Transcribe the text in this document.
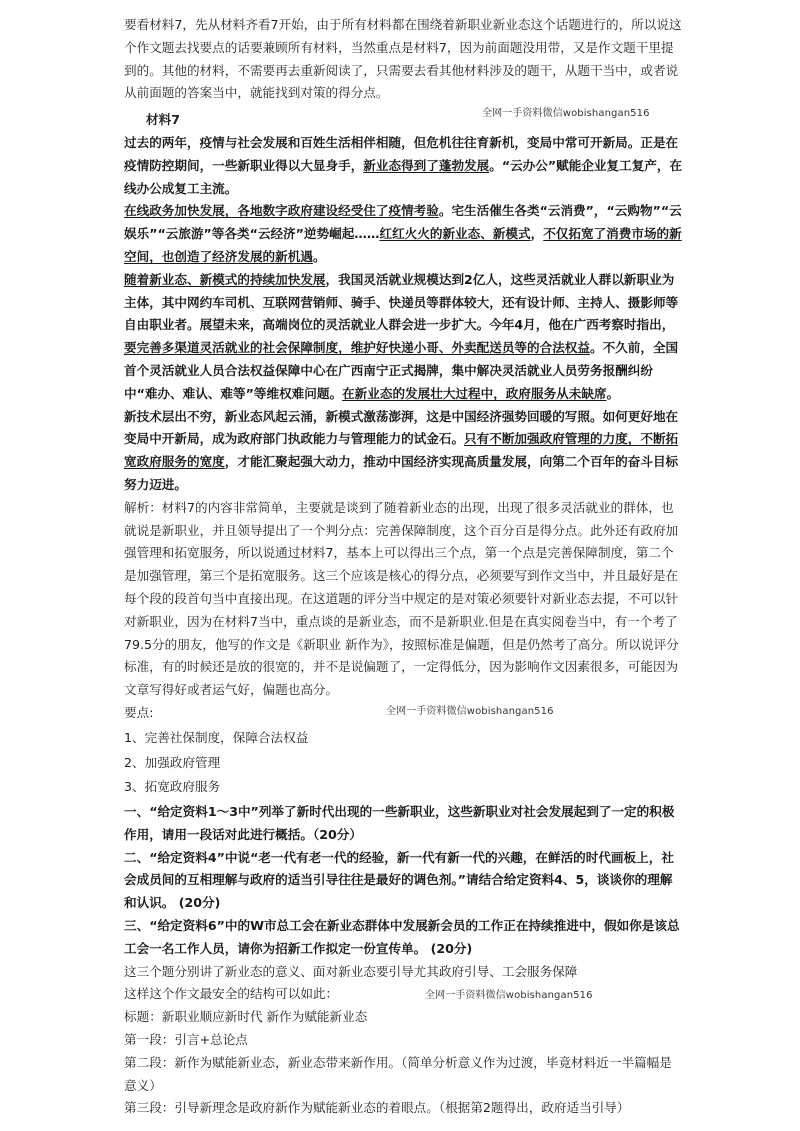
要看材料7，先从材料齐看7开始，由于所有材料都在围绕着新职业新业态这个话题进行的，所以说这个作文题去找要点的话要兼顾所有材料，当然重点是材料7，因为前面题没用带，又是作文题干里提到的。其他的材料，不需要再去重新阅读了，只需要去看其他材料涉及的题干，从题干当中，或者说从前面题的答案当中，就能找到对策的得分点。

材料7

过去的两年，疫情与社会发展和百姓生活相伴相随，但危机往往育新机，变局中常可开新局。正是在疫情防控期间，一些新职业得以大显身手，新业态得到了蓬勃发展。“云办公”赋能企业复工复产，在线办公成复工主流。

在线政务加快发展，各地数字政府建设经受住了疫情考验。宅生活催生各类“云消费”，“云购物”“云娱乐”“云旅游”等各类“云经济”逆势崛起……红红火火的新业态、新模式，不仅拓宽了消费市场的新空间，也创造了经济发展的新机遇。

随着新业态、新模式的持续加快发展，我国灵活就业规模达到2亿人，这些灵活就业人群以新职业为主体，其中网约车司机、互联网营销师、骑手、快递员等群体较大，还有设计师、主持人、摄影师等自由职业者。展望未来，高端岗位的灵活就业人群会进一步扩大。今年4月，他在广西考察时指出，要完善多渠道灵活就业的社会保障制度，维护好快递小哥、外卖配送员等的合法权益。不久前，全国首个灵活就业人员合法权益保障中心在广西南宁正式揭牌，集中解决灵活就业人员劳务报酬纠纷中“难办、难认、难等”等维权难问题。在新业态的发展壮大过程中，政府服务从未缺席。

新技术层出不穷，新业态风起云涌，新模式激荡澎湃，这是中国经济强势回暖的写照。如何更好地在变局中开新局，成为政府部门执政能力与管理能力的试金石。只有不断加强政府管理的力度，不断拓宽政府服务的宽度，才能汇聚起强大动力，推动中国经济实现高质量发展，向第二个百年的奋斗目标努力迈进。

解析：材料7的内容非常简单，主要就是谈到了随着新业态的出现，出现了很多灵活就业的群体，也就说是新职业，并且领导提出了一个判分点：完善保障制度，这个百分百是得分点。此外还有政府加强管理和拓宽服务，所以说通过材料7，基本上可以得出三个点，第一个点是完善保障制度，第二个是加强管理，第三个是拓宽服务。这三个应该是核心的得分点，必须要写到作文当中，并且最好是在每个段的段首句当中直接出现。在这道题的评分当中规定的是对策必须要针对新业态去提，不可以针对新职业，因为在材料7当中，重点谈的是新业态，而不是新职业.但是在真实阅卷当中，有一个考了79.5分的朋友，他写的作文是《新职业 新作为》，按照标准是偏题，但是仍然考了高分。所以说评分标准，有的时候还是放的很宽的，并不是说偏题了，一定得低分，因为影响作文因素很多，可能因为文章写得好或者运气好，偏题也高分。

要点:

1、完善社保制度，保障合法权益

2、加强政府管理

3、拓宽政府服务

一、“给定资料1～3中”列举了新时代出现的一些新职业，这些新职业对社会发展起到了一定的积极作用，请用一段话对此进行概括。（20分）

二、“给定资料4”中说“老一代有老一代的经验，新一代有新一代的兴趣，在鲜活的时代画板上，社会成员间的互相理解与政府的适当引导往往是最好的调色剂。”请结合给定资料4、5，谈谈你的理解和认识。 (20分)

三、“给定资料6”中的W市总工会在新业态群体中发展新会员的工作正在持续推进中，假如你是该总工会一名工作人员，请你为招新工作拟定一份宣传单。 (20分)

这三个题分别讲了新业态的意义、面对新业态要引导尤其政府引导、工会服务保障

这样这个作文最安全的结构可以如此：

标题：新职业顺应新时代 新作为赋能新业态

第一段：引言+总论点

第二段：新作为赋能新业态，新业态带来新作用。（简单分析意义作为过渡，毕竟材料近一半篇幅是意义）

第三段：引导新理念是政府新作为赋能新业态的着眼点。（根据第2题得出，政府适当引导）

全网一手资料微信wobishangan516
全网一手资料微信wobishangan516
全网一手资料微信wobishangan516
